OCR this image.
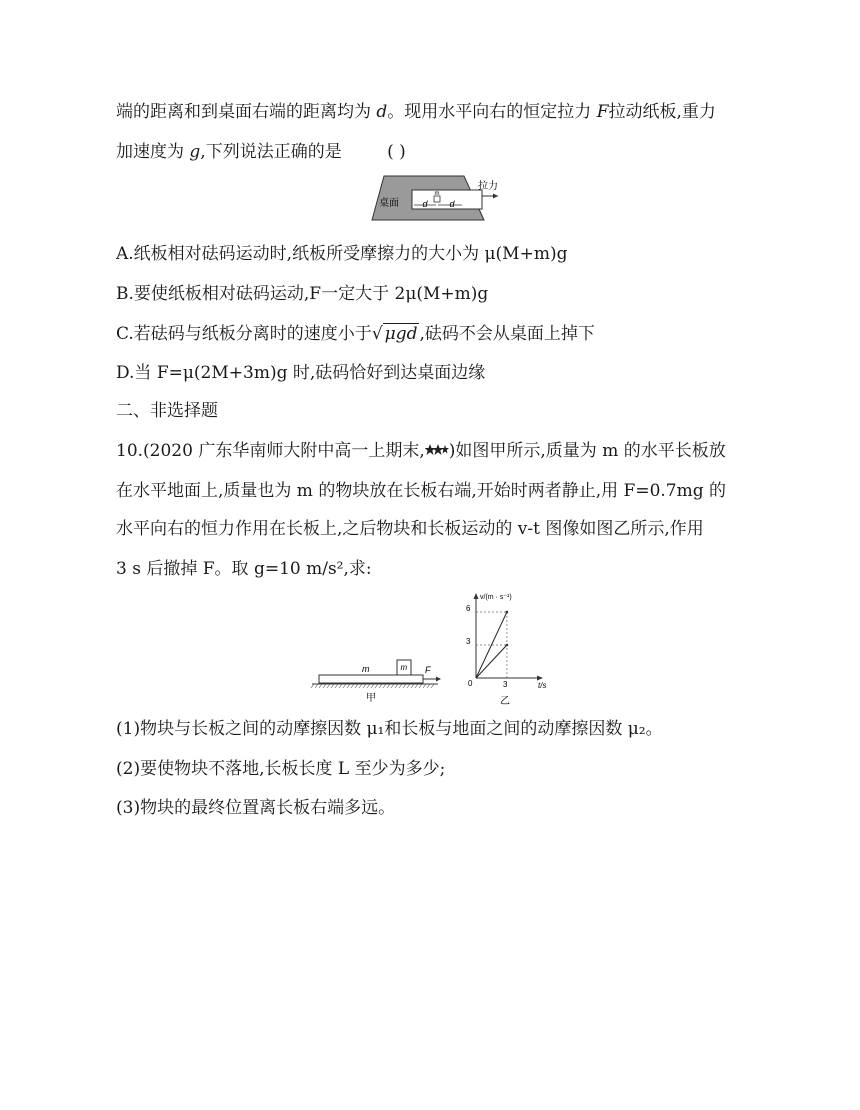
端的距离和到桌面右端的距离均为 d。现用水平向右的恒定拉力 F拉动纸板,重力
加速度为 g,下列说法正确的是	( )
m
d d
桌面
拉力
A.纸板相对砝码运动时,纸板所受摩擦力的大小为 μ(M+m)g
B.要使纸板相对砝码运动,F一定大于 2μ(M+m)g
C.若砝码与纸板分离时的速度小于√ μgd ,砝码不会从桌面上掉下
D.当 F=μ(2M+3m)g 时,砝码恰好到达桌面边缘
二、非选择题
10.(2020 广东华南师大附中高一上期末, )如图甲所示,质量为 m 的水平长板放
在水平地面上,质量也为 m 的物块放在长板右端,开始时两者静止,用 F=0.7mg 的
水平向右的恒力作用在长板上,之后物块和长板运动的 v-t 图像如图乙所示,作用
3 s 后撤掉 F。取 g=10 m/s²,求:
m	m F
甲
v/(m · s⁻¹)
t/s
0
6
3
3
乙
(1)物块与长板之间的动摩擦因数 μ₁和长板与地面之间的动摩擦因数 μ₂。
(2)要使物块不落地,长板长度 L 至少为多少;
(3)物块的最终位置离长板右端多远。
